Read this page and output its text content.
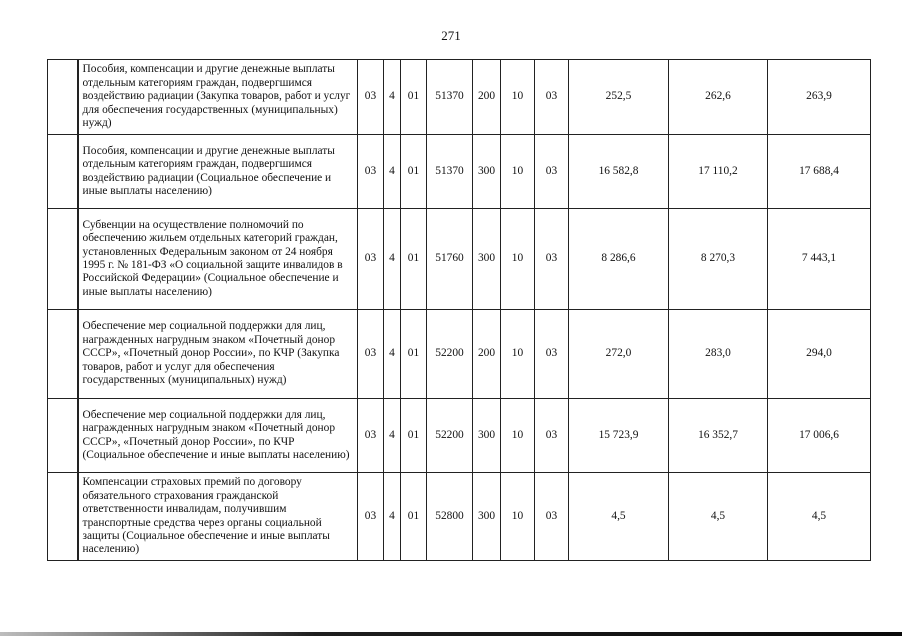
271
	Пособия, компенсации и другие денежные выплаты отдельным категориям граждан, подвергшимся воздействию радиации (Закупка товаров, работ и услуг для обеспечения государственных (муниципальных) нужд)	03	4	01	51370	200	10	03	252,5	262,6	263,9
	Пособия, компенсации и другие денежные выплаты отдельным категориям граждан, подвергшимся воздействию радиации (Социальное обеспечение и иные выплаты населению)	03	4	01	51370	300	10	03	16 582,8	17 110,2	17 688,4
	Субвенции на осуществление полномочий по обеспечению жильем отдельных категорий граждан, установленных Федеральным законом от 24 ноября 1995 г. № 181-ФЗ «О социальной защите инвалидов в Российской Федерации» (Социальное обеспечение и иные выплаты населению)	03	4	01	51760	300	10	03	8 286,6	8 270,3	7 443,1
	Обеспечение мер социальной поддержки для лиц, награжденных нагрудным знаком «Почетный донор СССР», «Почетный донор России», по КЧР (Закупка товаров, работ и услуг для обеспечения государственных (муниципальных) нужд)	03	4	01	52200	200	10	03	272,0	283,0	294,0
	Обеспечение мер социальной поддержки для лиц, награжденных нагрудным знаком «Почетный донор СССР», «Почетный донор России», по КЧР (Социальное обеспечение и иные выплаты населению)	03	4	01	52200	300	10	03	15 723,9	16 352,7	17 006,6
	Компенсации страховых премий по договору обязательного страхования гражданской ответственности инвалидам, получившим транспортные средства через органы социальной защиты (Социальное обеспечение и иные выплаты населению)	03	4	01	52800	300	10	03	4,5	4,5	4,5
